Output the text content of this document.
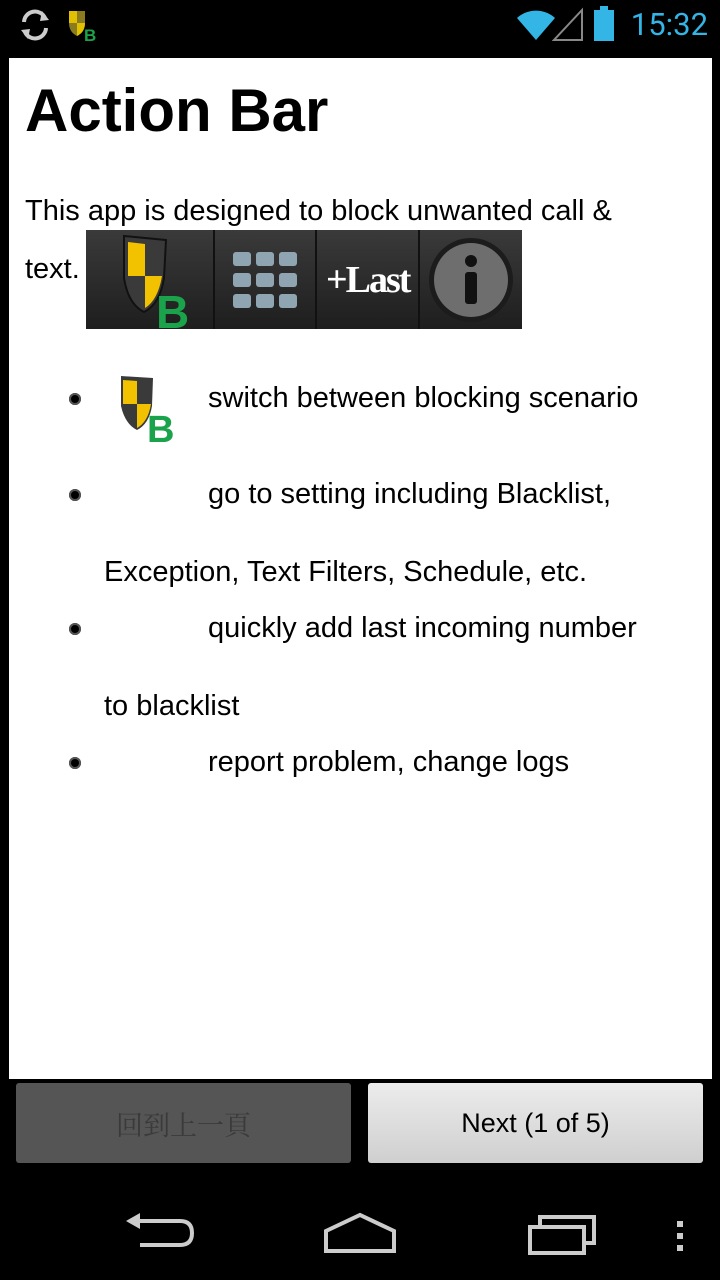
B	15:32
Action Bar
This app is designed to block unwanted call &
text.
B
+Last
B
switch between blocking scenario
go to setting including Blacklist,
Exception, Text Filters, Schedule, etc.
quickly add last incoming number
to blacklist
report problem, change logs
回到上一頁	Next (1 of 5)
